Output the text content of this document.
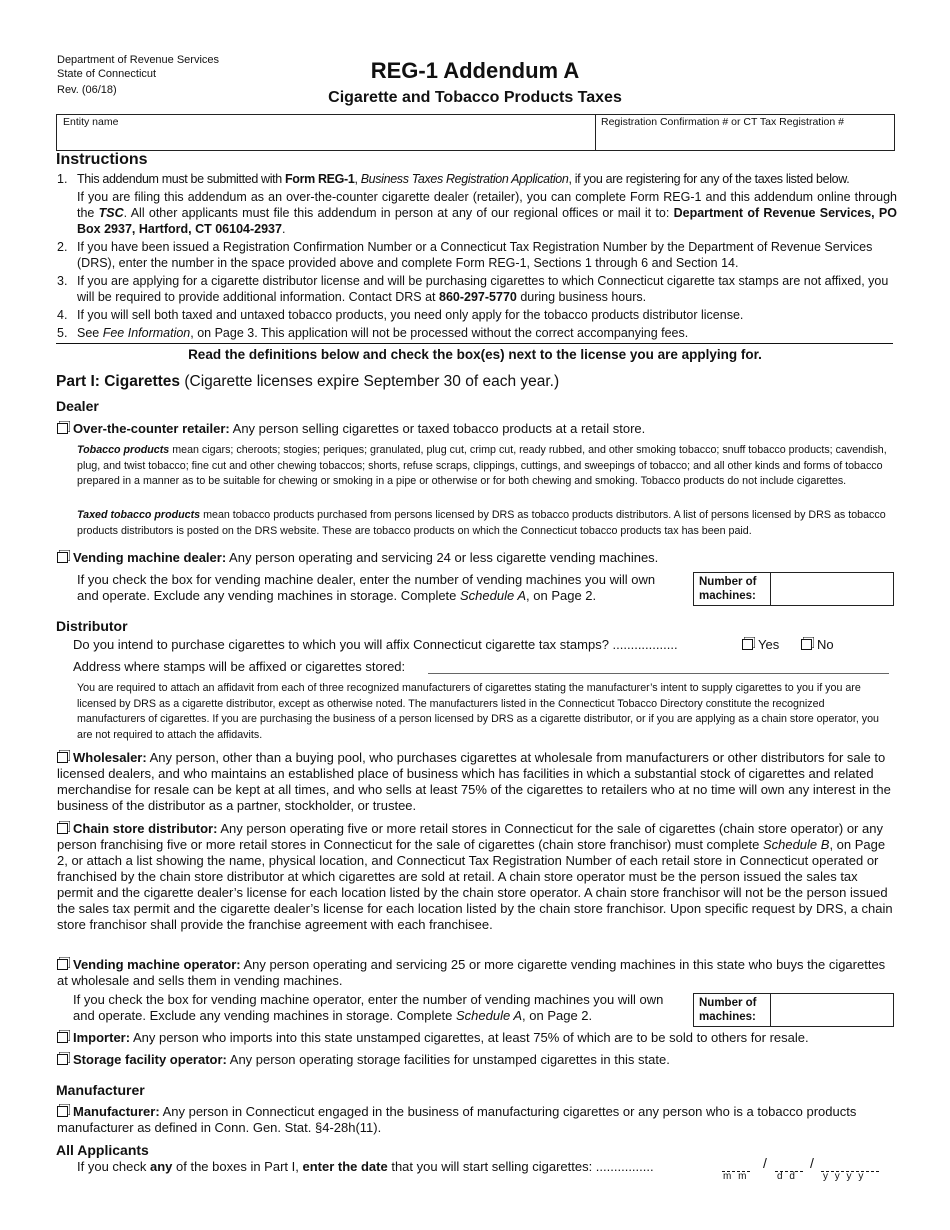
Department of Revenue Services
State of Connecticut
Rev. (06/18)
REG-1 Addendum A
Cigarette and Tobacco Products Taxes
Entity name	Registration Confirmation # or CT Tax Registration #
Instructions
1. This addendum must be submitted with Form REG-1, Business Taxes Registration Application, if you are registering for any of the taxes listed below.
If you are filing this addendum as an over-the-counter cigarette dealer (retailer), you can complete Form REG-1 and this addendum online through the TSC. All other applicants must file this addendum in person at any of our regional offices or mail it to: Department of Revenue Services, PO Box 2937, Hartford, CT 06104-2937.
2. If you have been issued a Registration Confirmation Number or a Connecticut Tax Registration Number by the Department of Revenue Services (DRS), enter the number in the space provided above and complete Form REG-1, Sections 1 through 6 and Section 14.
3. If you are applying for a cigarette distributor license and will be purchasing cigarettes to which Connecticut cigarette tax stamps are not affixed, you will be required to provide additional information. Contact DRS at 860-297-5770 during business hours.
4. If you will sell both taxed and untaxed tobacco products, you need only apply for the tobacco products distributor license.
5. See Fee Information, on Page 3. This application will not be processed without the correct accompanying fees.
Read the definitions below and check the box(es) next to the license you are applying for.
Part I: Cigarettes (Cigarette licenses expire September 30 of each year.)
Dealer
Over-the-counter retailer: Any person selling cigarettes or taxed tobacco products at a retail store.
Tobacco products mean cigars; cheroots; stogies; periques; granulated, plug cut, crimp cut, ready rubbed, and other smoking tobacco; snuff tobacco products; cavendish, plug, and twist tobacco; fine cut and other chewing tobaccos; shorts, refuse scraps, clippings, cuttings, and sweepings of tobacco; and all other kinds and forms of tobacco prepared in a manner as to be suitable for chewing or smoking in a pipe or otherwise or for both chewing and smoking. Tobacco products do not include cigarettes.
Taxed tobacco products mean tobacco products purchased from persons licensed by DRS as tobacco products distributors. A list of persons licensed by DRS as tobacco products distributors is posted on the DRS website. These are tobacco products on which the Connecticut tobacco products tax has been paid.
Vending machine dealer: Any person operating and servicing 24 or less cigarette vending machines.
If you check the box for vending machine dealer, enter the number of vending machines you will own and operate. Exclude any vending machines in storage. Complete Schedule A, on Page 2.
Number of machines:
Distributor
Do you intend to purchase cigarettes to which you will affix Connecticut cigarette tax stamps? ..................	Yes	No
Address where stamps will be affixed or cigarettes stored:
You are required to attach an affidavit from each of three recognized manufacturers of cigarettes stating the manufacturer’s intent to supply cigarettes to you if you are licensed by DRS as a cigarette distributor, except as otherwise noted. The manufacturers listed in the Connecticut Tobacco Directory constitute the recognized manufacturers of cigarettes. If you are purchasing the business of a person licensed by DRS as a cigarette distributor, or if you are applying as a chain store operator, you are not required to attach the affidavits.
Wholesaler: Any person, other than a buying pool, who purchases cigarettes at wholesale from manufacturers or other distributors for sale to licensed dealers, and who maintains an established place of business which has facilities in which a substantial stock of cigarettes and related merchandise for resale can be kept at all times, and who sells at least 75% of the cigarettes to retailers who at no time will own any interest in the business of the distributor as a partner, stockholder, or trustee.
Chain store distributor: Any person operating five or more retail stores in Connecticut for the sale of cigarettes (chain store operator) or any person franchising five or more retail stores in Connecticut for the sale of cigarettes (chain store franchisor) must complete Schedule B, on Page 2, or attach a list showing the name, physical location, and Connecticut Tax Registration Number of each retail store in Connecticut operated or franchised by the chain store distributor at which cigarettes are sold at retail. A chain store operator must be the person issued the sales tax permit and the cigarette dealer’s license for each location listed by the chain store operator. A chain store franchisor will not be the person issued the sales tax permit and the cigarette dealer’s license for each location listed by the chain store franchisor. Upon specific request by DRS, a chain store franchisor shall provide the franchise agreement with each franchisee.
Vending machine operator: Any person operating and servicing 25 or more cigarette vending machines in this state who buys the cigarettes at wholesale and sells them in vending machines.
If you check the box for vending machine operator, enter the number of vending machines you will own and operate. Exclude any vending machines in storage. Complete Schedule A, on Page 2.
Number of machines:
Importer: Any person who imports into this state unstamped cigarettes, at least 75% of which are to be sold to others for resale.
Storage facility operator: Any person operating storage facilities for unstamped cigarettes in this state.
Manufacturer
Manufacturer: Any person in Connecticut engaged in the business of manufacturing cigarettes or any person who is a tobacco products manufacturer as defined in Conn. Gen. Stat. §4-28h(11).
All Applicants
If you check any of the boxes in Part I, enter the date that you will start selling cigarettes: ................
m m
/
d d
/
y y y y
